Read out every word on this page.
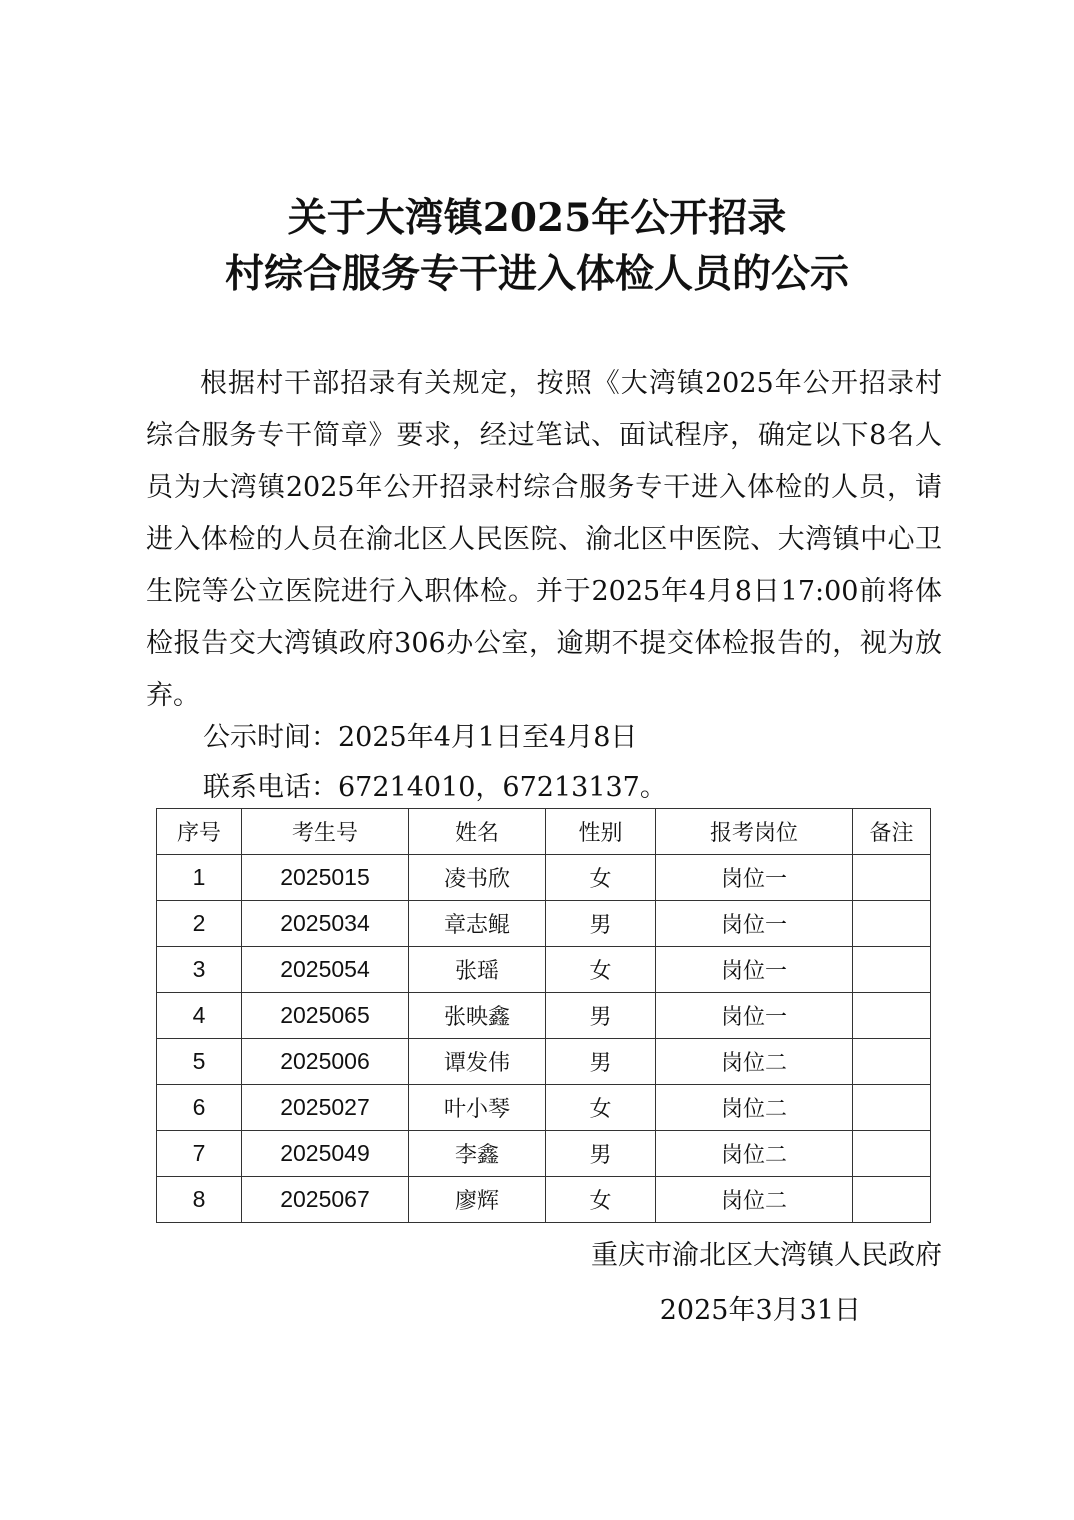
关于大湾镇2025年公开招录
村综合服务专干进入体检人员的公示
根据村干部招录有关规定，按照《大湾镇2025年公开招录村综合服务专干简章》要求，经过笔试、面试程序，确定以下8名人员为大湾镇2025年公开招录村综合服务专干进入体检的人员，请进入体检的人员在渝北区人民医院、渝北区中医院、大湾镇中心卫生院等公立医院进行入职体检。并于2025年4月8日17:00前将体检报告交大湾镇政府306办公室，逾期不提交体检报告的，视为放弃。
公示时间：2025年4月1日至4月8日
联系电话：67214010，67213137。
序号	考生号	姓名	性别	报考岗位	备注
1	2025015	凌书欣	女	岗位一	
2	2025034	章志鲲	男	岗位一	
3	2025054	张瑶	女	岗位一	
4	2025065	张映鑫	男	岗位一	
5	2025006	谭发伟	男	岗位二	
6	2025027	叶小琴	女	岗位二	
7	2025049	李鑫	男	岗位二	
8	2025067	廖辉	女	岗位二	
重庆市渝北区大湾镇人民政府
2025年3月31日
